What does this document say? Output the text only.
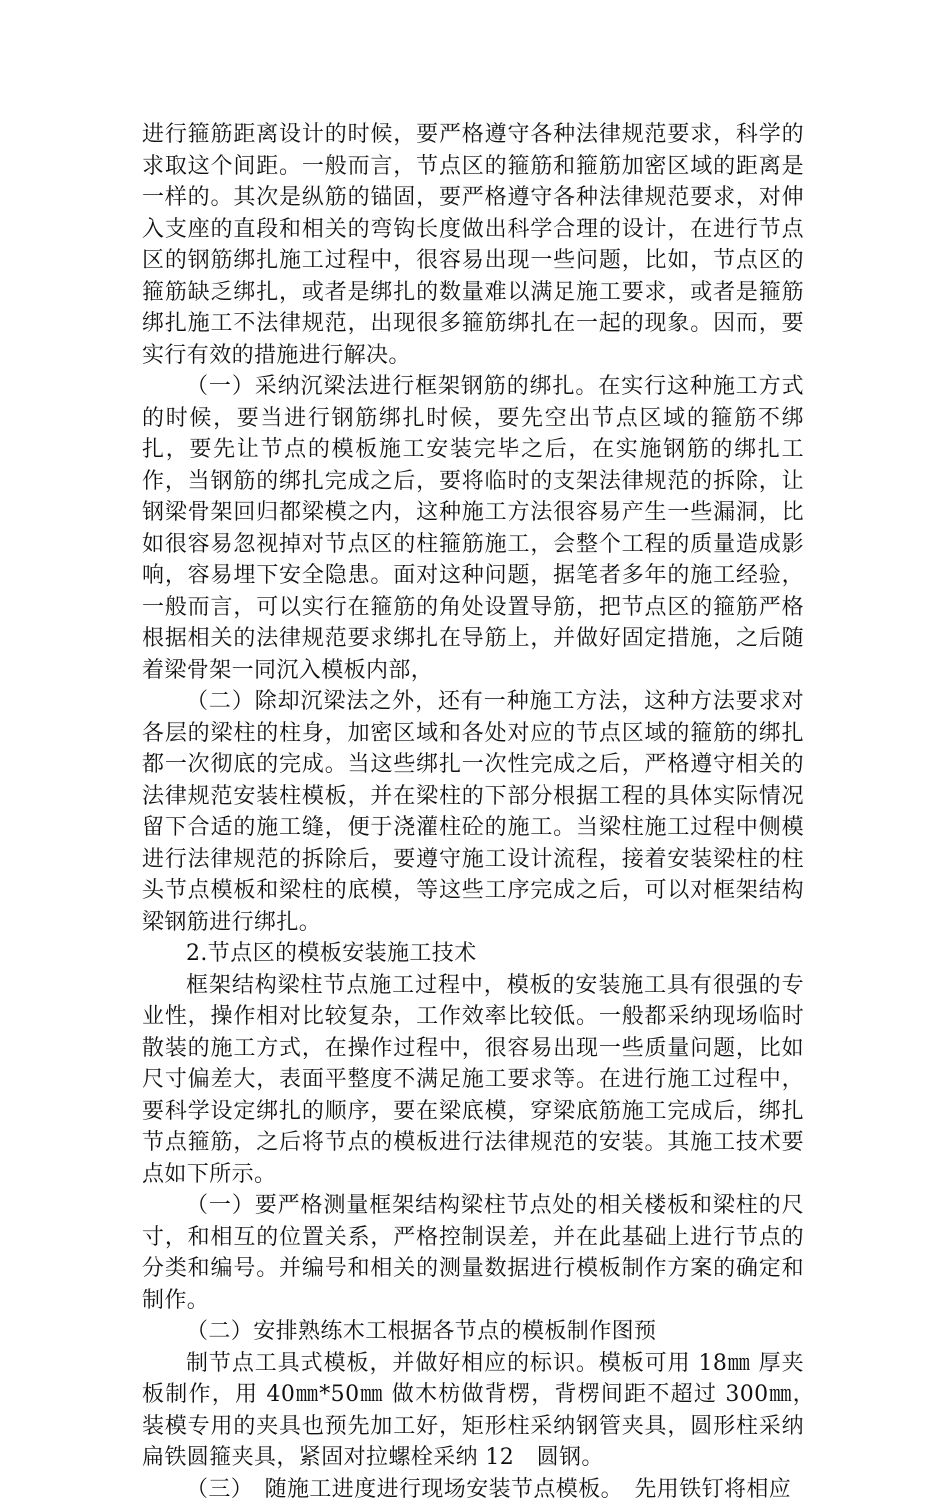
进行箍筋距离设计的时候，要严格遵守各种法律规范要求，科学的求取这个间距。一般而言，节点区的箍筋和箍筋加密区域的距离是一样的。其次是纵筋的锚固，要严格遵守各种法律规范要求，对伸入支座的直段和相关的弯钩长度做出科学合理的设计，在进行节点区的钢筋绑扎施工过程中，很容易出现一些问题，比如，节点区的箍筋缺乏绑扎，或者是绑扎的数量难以满足施工要求，或者是箍筋绑扎施工不法律规范，出现很多箍筋绑扎在一起的现象。因而，要实行有效的措施进行解决。

（一）采纳沉梁法进行框架钢筋的绑扎。在实行这种施工方式的时候，要当进行钢筋绑扎时候，要先空出节点区域的箍筋不绑扎，要先让节点的模板施工安装完毕之后，在实施钢筋的绑扎工作，当钢筋的绑扎完成之后，要将临时的支架法律规范的拆除，让钢梁骨架回归都梁模之内，这种施工方法很容易产生一些漏洞，比如很容易忽视掉对节点区的柱箍筋施工，会整个工程的质量造成影响，容易埋下安全隐患。面对这种问题，据笔者多年的施工经验，一般而言，可以实行在箍筋的角处设置导筋，把节点区的箍筋严格根据相关的法律规范要求绑扎在导筋上，并做好固定措施，之后随着梁骨架一同沉入模板内部，

（二）除却沉梁法之外，还有一种施工方法，这种方法要求对各层的梁柱的柱身，加密区域和各处对应的节点区域的箍筋的绑扎都一次彻底的完成。当这些绑扎一次性完成之后，严格遵守相关的法律规范安装柱模板，并在梁柱的下部分根据工程的具体实际情况留下合适的施工缝，便于浇灌柱砼的施工。当梁柱施工过程中侧模进行法律规范的拆除后，要遵守施工设计流程，接着安装梁柱的柱头节点模板和梁柱的底模，等这些工序完成之后，可以对框架结构梁钢筋进行绑扎。

2.节点区的模板安装施工技术

框架结构梁柱节点施工过程中，模板的安装施工具有很强的专业性，操作相对比较复杂，工作效率比较低。一般都采纳现场临时散装的施工方式，在操作过程中，很容易出现一些质量问题，比如尺寸偏差大，表面平整度不满足施工要求等。在进行施工过程中，要科学设定绑扎的顺序，要在梁底模，穿梁底筋施工完成后，绑扎节点箍筋，之后将节点的模板进行法律规范的安装。其施工技术要点如下所示。

（一）要严格测量框架结构梁柱节点处的相关楼板和梁柱的尺寸，和相互的位置关系，严格控制误差，并在此基础上进行节点的分类和编号。并编号和相关的测量数据进行模板制作方案的确定和制作。

（二）安排熟练木工根据各节点的模板制作图预

制节点工具式模板，并做好相应的标识。模板可用 18㎜ 厚夹板制作，用 40㎜*50㎜ 做木枋做背楞，背楞间距不超过 300㎜，　装模专用的夹具也预先加工好，矩形柱采纳钢管夹具，圆形柱采纳扁铁圆箍夹具，紧固对拉螺栓采纳 12　圆钢。

（三）　随施工进度进行现场安装节点模板。　先用铁钉将相应
